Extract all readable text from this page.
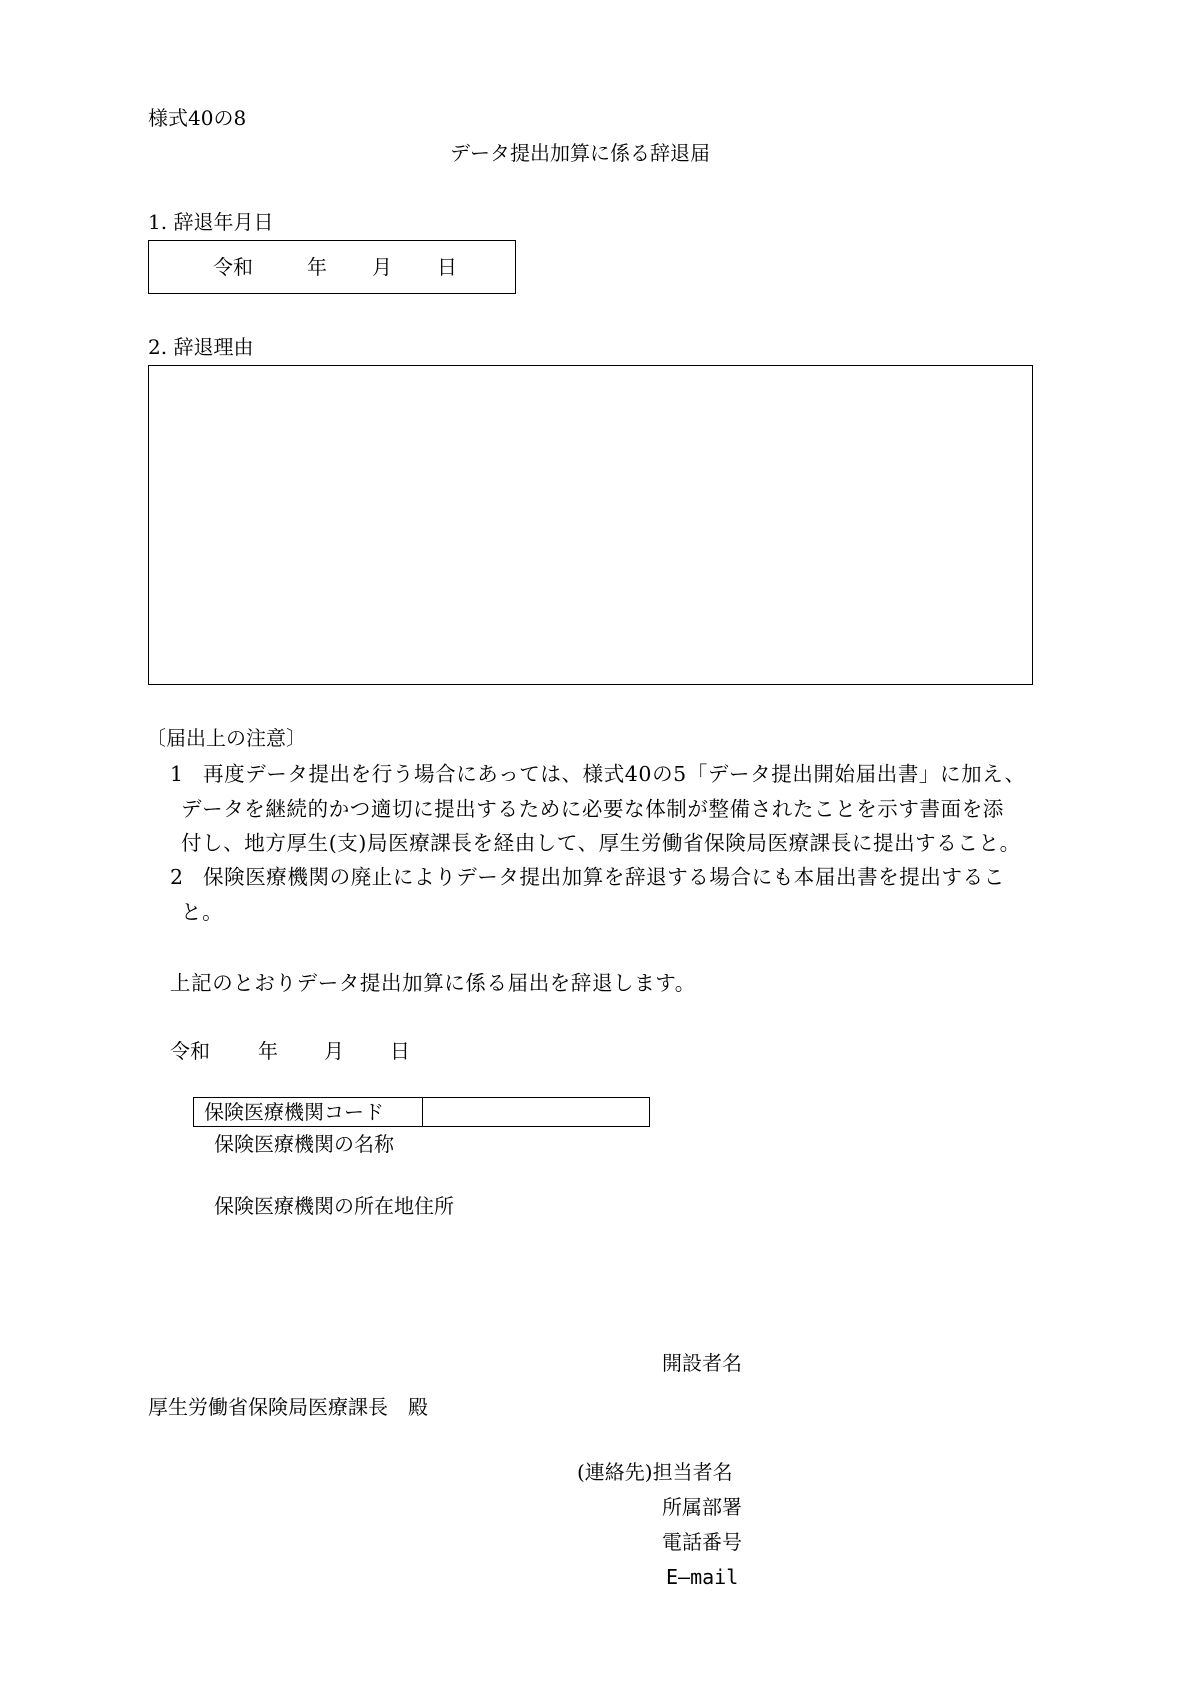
様式40の8
データ提出加算に係る辞退届
1. 辞退年月日
令和	年 月 日
2. 辞退理由
〔届出上の注意〕
1 再度データ提出を行う場合にあっては、様式40の5「データ提出開始届出書」に加え、
データを継続的かつ適切に提出するために必要な体制が整備されたことを示す書面を添
付し、地方厚生(支)局医療課長を経由して、厚生労働省保険局医療課長に提出すること。
2 保険医療機関の廃止によりデータ提出加算を辞退する場合にも本届出書を提出するこ
と。
上記のとおりデータ提出加算に係る届出を辞退します。
令和 年 月 日
保険医療機関コード
保険医療機関の名称
保険医療機関の所在地住所
開設者名
厚生労働省保険局医療課長　殿
(連絡先)担当者名
所属部署
電話番号
E―mail
